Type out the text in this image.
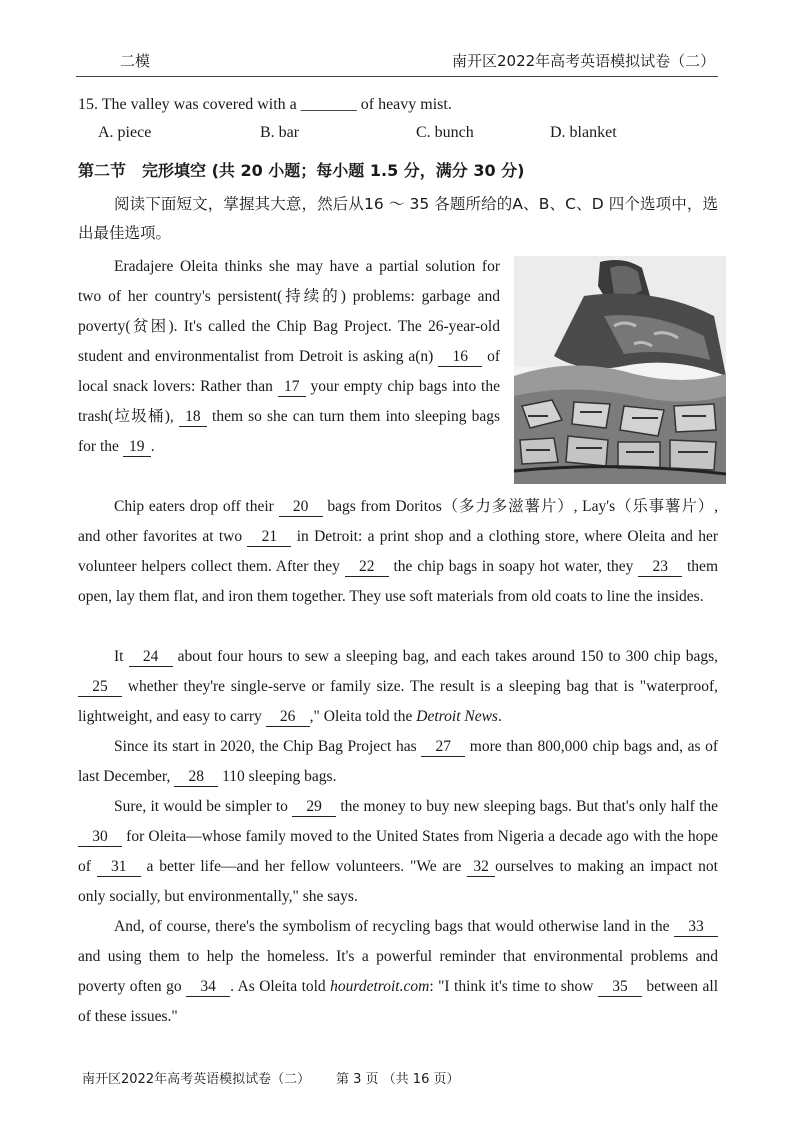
二模	南开区2022年高考英语模拟试卷（二）
15. The valley was covered with a _______ of heavy mist.
A. piece	B. bar	C. bunch	D. blanket
第二节　完形填空 (共 20 小题；每小题 1.5 分，满分 30 分)
阅读下面短文，掌握其大意，然后从16 ～ 35 各题所给的A、B、C、D 四个选项中，选出最佳选项。
Eradajere Oleita thinks she may have a partial solution for two of her country's persistent(持续的) problems: garbage and poverty(贫困). It's called the Chip Bag Project. The 26-year-old student and environmentalist from Detroit is asking a(n) 16 of local snack lovers: Rather than 17 your empty chip bags into the trash(垃圾桶), 18 them so she can turn them into sleeping bags for the 19 .
Chip eaters drop off their 20 bags from Doritos（多力多滋薯片）, Lay's（乐事薯片）, and other favorites at two 21 in Detroit: a print shop and a clothing store, where Oleita and her volunteer helpers collect them. After they 22 the chip bags in soapy hot water, they 23 them open, lay them flat, and iron them together. They use soft materials from old coats to line the insides.
It 24 about four hours to sew a sleeping bag, and each takes around 150 to 300 chip bags, 25 whether they're single-serve or family size. The result is a sleeping bag that is "waterproof, lightweight, and easy to carry 26 ," Oleita told the Detroit News.
Since its start in 2020, the Chip Bag Project has 27 more than 800,000 chip bags and, as of last December, 28 110 sleeping bags.
Sure, it would be simpler to 29 the money to buy new sleeping bags. But that's only half the 30 for Oleita—whose family moved to the United States from Nigeria a decade ago with the hope of 31 a better life—and her fellow volunteers. "We are 32 ourselves to making an impact not only socially, but environmentally," she says.
And, of course, there's the symbolism of recycling bags that would otherwise land in the 33 and using them to help the homeless. It's a powerful reminder that environmental problems and poverty often go 34 . As Oleita told hourdetroit.com: "I think it's time to show 35 between all of these issues."
南开区2022年高考英语模拟试卷（二） 第 3 页 （共 16 页）
